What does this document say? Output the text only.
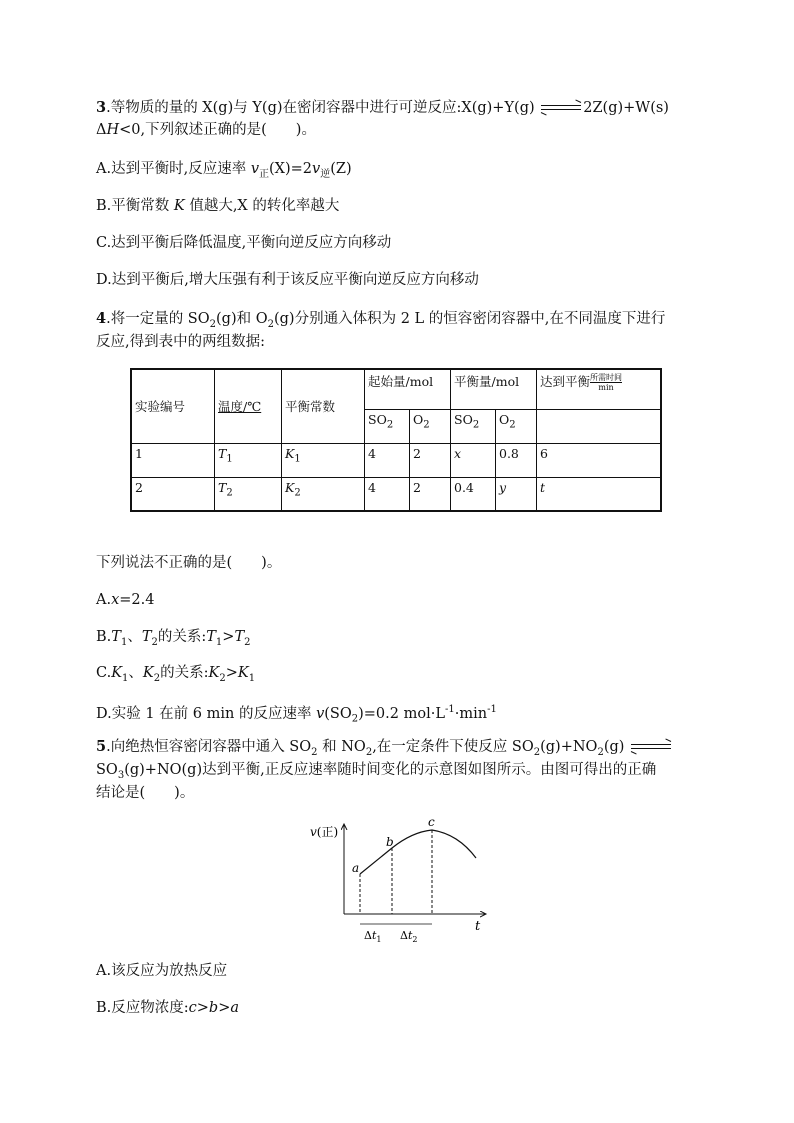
3.等物质的量的 X(g)与 Y(g)在密闭容器中进行可逆反应:X(g)+Y(g)	2Z(g)+W(s)
ΔH<0,下列叙述正确的是(　　)。
A.达到平衡时,反应速率 $v_正(X)=2v_逆(Z)$
B.平衡常数 K 值越大,X 的转化率越大
C.达到平衡后降低温度,平衡向逆反应方向移动
D.达到平衡后,增大压强有利于该反应平衡向逆反应方向移动
4.将一定量的 $SO_2(g)$和 $O_2(g)$分别通入体积为 2 L 的恒容密闭容器中,在不同温度下进行
反应,得到表中的两组数据:
实验编号	温度/℃	平衡常数	起始量/mol		平衡量/mol		达到平衡 $\frac{\text{所需时间}}{\min}$
			$SO_2$	$O_2$	$SO_2$	$O_2$	
1	$T_1$	$K_1$	4	2	x	0.8	6
2	$T_2$	$K_2$	4	2	0.4	y	t
下列说法不正确的是(　　)。
A.x=2.4
$B.T_1$、$T_2$的关系$:T_1>T_2$
$C.K_1$、$K_2$的关系$:K_2>K_1$
D.实验 1 在前 6 min 的反应速率 $v(SO_2)=0.2$ $mol\cdot L^{-1}\cdot\min^{-1}$
5.向绝热恒容密闭容器中通入 $SO_2$ 和 $NO_2$,在一定条件下使反应 $SO_2(g)+NO_2(g)$
$SO_3(g)+NO(g)$达到平衡,正反应速率随时间变化的示意图如图所示。由图可得出的正确
结论是(　　)。
v(正)
t
a
b
c
$\Delta t_1$ $\Delta t_2$
A.该反应为放热反应
B.反应物浓度:c>b>a
